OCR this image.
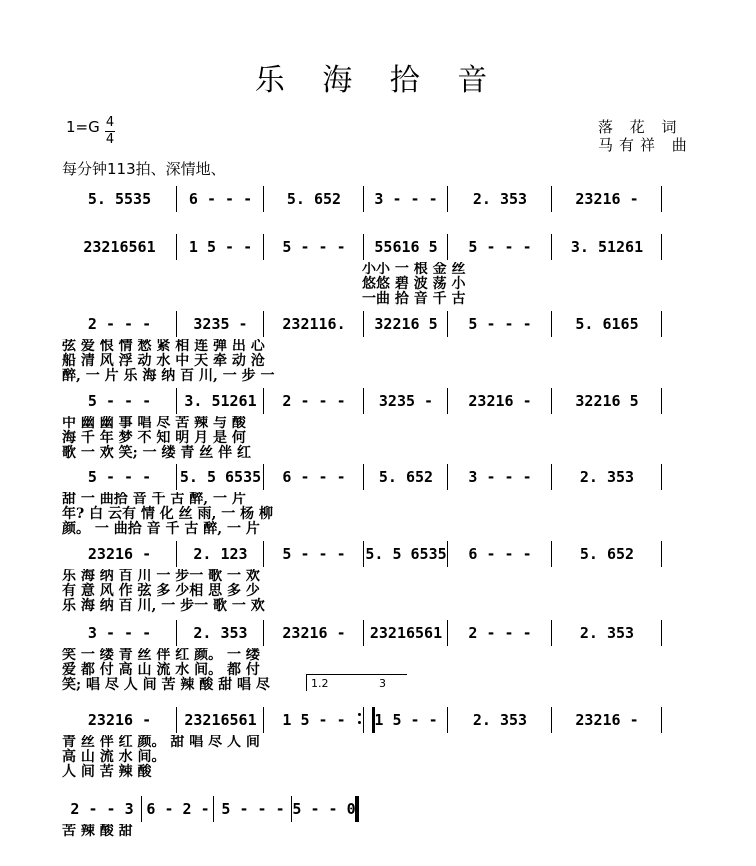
乐 海 拾 音
1=G 4
4
落 花 词
马有祥 曲
每分钟113拍、深情地、
5. 5535	6 - - -	5. 652	3 - - -	2. 353	23216 -
23216561	1 5 - -	5 - - -	55616 5	5 - - -	3. 51261
小小 一 根 金 丝
悠悠 碧 波 荡 小
一曲 拾 音 千 古
2 - - -	3235 -	232116.	32216 5	5 - - -	5. 6165
弦 爱 恨 情 愁 紧 相 连 弹 出 心
船 清 风 浮 动 水 中 天 牵 动 沧
醉, 一 片 乐 海 纳 百 川, 一 步 一
5 - - -	3. 51261	2 - - -	3235 -	23216 -	32216 5
中 幽 幽 事 唱 尽 苦 辣 与 酸
海 千 年 梦 不 知 明 月 是 何
歌 一 欢 笑; 一 缕 青 丝 伴 红
5 - - -	5. 5 6535	6 - - -	5. 652	3 - - -	2. 353
甜 一 曲拾 音 千 古 醉, 一 片
年? 白 云有 情 化 丝 雨, 一 杨 柳
颜。 一 曲拾 音 千 古 醉, 一 片
23216 -	2. 123	5 - - -	5. 5 6535	6 - - -	5. 652
乐 海 纳 百 川 一 步一 歌 一 欢
有 意 风 作 弦 多 少相 思 多 少
乐 海 纳 百 川, 一 步一 歌 一 欢
3 - - -	2. 353	23216 -	23216561	2 - - -	2. 353
笑 一 缕 青 丝 伴 红 颜。 一 缕
爱 都 付 高 山 流 水 间。 都 付
笑; 唱 尽 人 间 苦 辣 酸 甜 唱 尽
23216 -	23216561	1 5 - -	1 5 - -	2. 353	23216 -
青 丝 伴 红 颜。 甜 唱 尽 人 间
高 山 流 水 间。
人 间 苦 辣 酸
2 - - 3 6 - 2 - 5 - - - 5 - - 0
苦 辣 酸 甜
1.2	3
